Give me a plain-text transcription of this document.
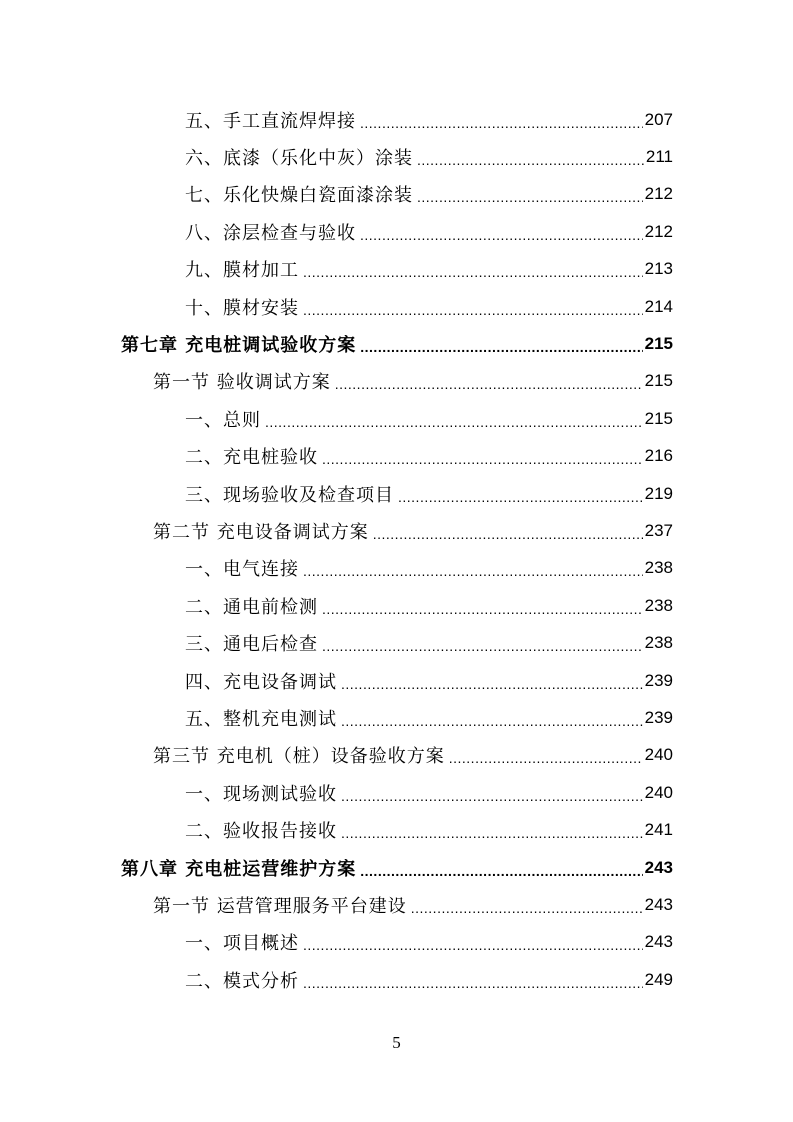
五、手工直流焊焊接 .....	207
六、底漆（乐化中灰）涂装 .....	211
七、乐化快燥白瓷面漆涂装 .....	212
八、涂层检查与验收 .....	212
九、膜材加工 .....	213
十、膜材安装 .....	214
第七章 充电桩调试验收方案 .....	215
第一节 验收调试方案 .....	215
一、总则 .....	215
二、充电桩验收 .....	216
三、现场验收及检查项目 .....	219
第二节 充电设备调试方案 .....	237
一、电气连接 .....	238
二、通电前检测 .....	238
三、通电后检查 .....	238
四、充电设备调试 .....	239
五、整机充电测试 .....	239
第三节 充电机（桩）设备验收方案 .....	240
一、现场测试验收 .....	240
二、验收报告接收 .....	241
第八章 充电桩运营维护方案 .....	243
第一节 运营管理服务平台建设 .....	243
一、项目概述 .....	243
二、模式分析 .....	249
5
